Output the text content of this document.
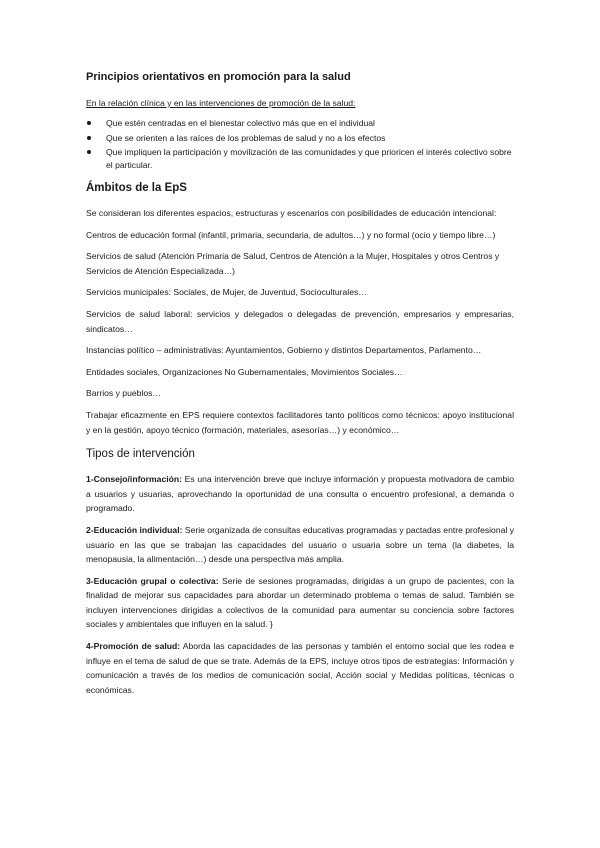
Principios orientativos en promoción para la salud
En la relación clínica y en las intervenciones de promoción de la salud:
Que estén centradas en el bienestar colectivo más que en el individual
Que se orienten a las raíces de los problemas de salud y no a los efectos
Que impliquen la participación y movilización de las comunidades y que prioricen el interés colectivo sobre el particular.
Ámbitos de la EpS

Se consideran los diferentes espacios, estructuras y escenarios con posibilidades de educación intencional:

Centros de educación formal (infantil, primaria, secundaria, de adultos…) y no formal (ocio y tiempo libre…)

Servicios de salud (Atención Primaria de Salud, Centros de Atención a la Mujer, Hospitales y otros Centros y Servicios de Atención Especializada…)

Servicios municipales: Sociales, de Mujer, de Juventud, Socioculturales…

Servicios de salud laboral: servicios y delegados o delegadas de prevención, empresarios y empresarias, sindicatos…

Instancias político – administrativas: Ayuntamientos, Gobierno y distintos Departamentos, Parlamento…

Entidades sociales, Organizaciones No Gubernamentales, Movimientos Sociales…

Barrios y pueblos…

Trabajar eficazmente en EPS requiere contextos facilitadores tanto políticos como técnicos: apoyo institucional y en la gestión, apoyo técnico (formación, materiales, asesorías…) y económico…

Tipos de intervención

1-Consejo/información: Es una intervención breve que incluye información y propuesta motivadora de cambio a usuarios y usuarias, aprovechando la oportunidad de una consulta o encuentro profesional, a demanda o programado.

2-Educación individual: Serie organizada de consultas educativas programadas y pactadas entre profesional y usuario en las que se trabajan las capacidades del usuario o usuaria sobre un tema (la diabetes, la menopausia, la alimentación…) desde una perspectiva más amplia.

3-Educación grupal o colectiva: Serie de sesiones programadas, dirigidas a un grupo de pacientes, con la finalidad de mejorar sus capacidades para abordar un determinado problema o temas de salud. También se incluyen intervenciones dirigidas a colectivos de la comunidad para aumentar su conciencia sobre factores sociales y ambientales que influyen en la salud. }

4-Promoción de salud: Aborda las capacidades de las personas y también el entorno social que les rodea e influye en el tema de salud de que se trate. Además de la EPS, incluye otros tipos de estrategias: Información y comunicación a través de los medios de comunicación social, Acción social y Medidas políticas, técnicas o económicas.
